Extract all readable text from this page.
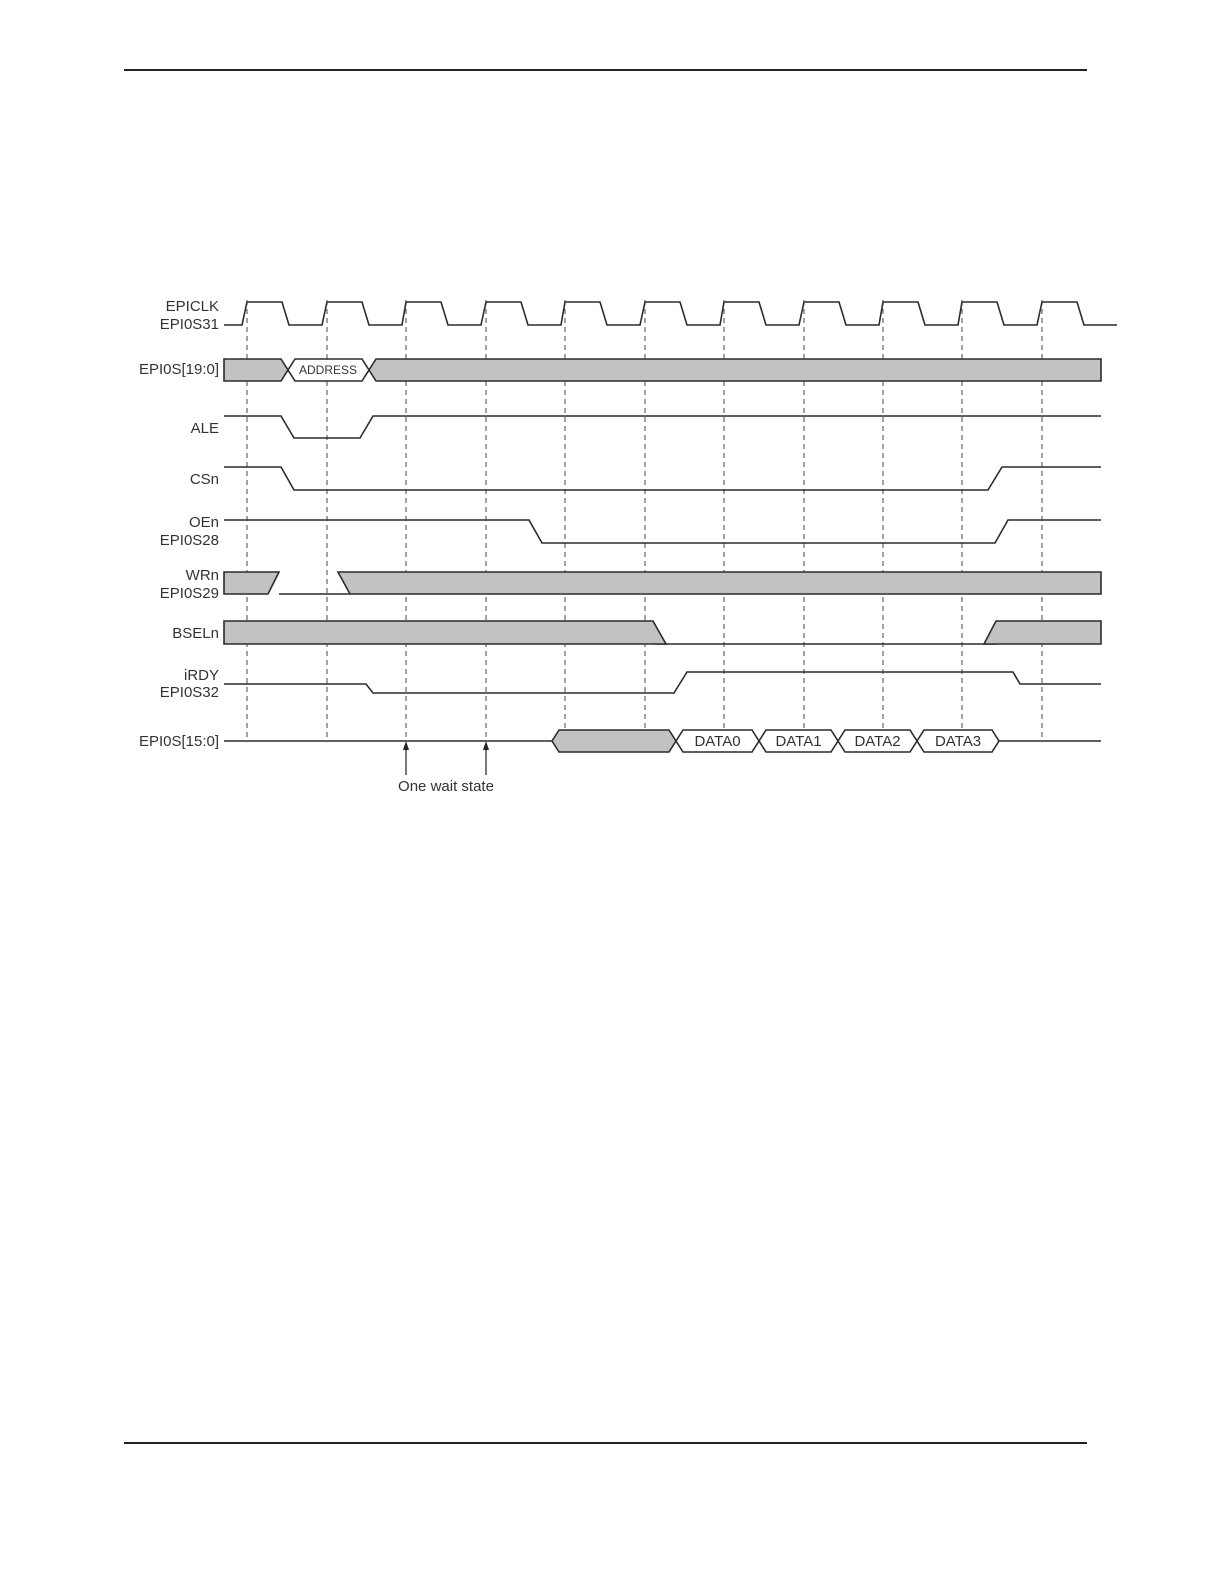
ADDRESS
DATA0 DATA1 DATA2 DATA3
EPICLK
EPI0S31
EPI0S[19:0]
ALE
CSn
OEn
EPI0S28
WRn
EPI0S29
BSELn
iRDY
EPI0S32
EPI0S[15:0]
One wait state
